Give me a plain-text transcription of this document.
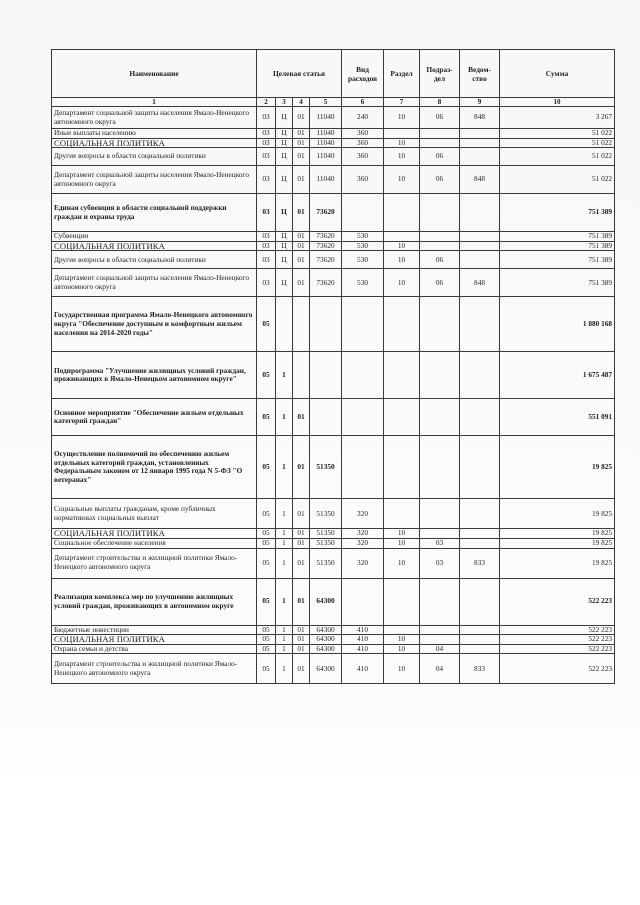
Наименование	Целевая статья				Вид расходов	Раздел	Подраз-дел	Ведом-ство	Сумма
1	2	3	4	5	6	7	8	9	10
Департамент социальной защиты населения Ямало-Ненецкого автономного округа	03	Ц	01	11040	240	10	06	848	3 267
Иные выплаты населению	03	Ц	01	11040	360				51 022
СОЦИАЛЬНАЯ ПОЛИТИКА	03	Ц	01	11040	360	10			51 022
Другие вопросы в области социальной политики	03	Ц	01	11040	360	10	06		51 022
Департамент социальной защиты населения Ямало-Ненецкого автономного округа	03	Ц	01	11040	360	10	06	848	51 022
Единая субвенция в области социальной поддержки граждан и охраны труда	03	Ц	01	73620					751 389
Субвенции	03	Ц	01	73620	530				751 389
СОЦИАЛЬНАЯ ПОЛИТИКА	03	Ц	01	73620	530	10			751 389
Другие вопросы в области социальной политики	03	Ц	01	73620	530	10	06		751 389
Департамент социальной защиты населения Ямало-Ненецкого автономного округа	03	Ц	01	73620	530	10	06	848	751 389
Государственная программа Ямало-Ненецкого автономного округа "Обеспечение доступным и комфортным жильем населения на 2014-2020 годы"	05								1 880 168
Подпрограмма "Улучшение жилищных условий граждан, проживающих в Ямало-Ненецком автономном округе"	05	1							1 675 487
Основное мероприятие "Обеспечение жильем отдельных категорий граждан"	05	1	01						551 091
Осуществление полномочий по обеспечению жильем отдельных категорий граждан, установленных Федеральным законом от 12 января 1995 года N 5-ФЗ "О ветеранах"	05	1	01	51350					19 825
Социальные выплаты гражданам, кроме публичных нормативных социальных выплат	05	1	01	51350	320				19 825
СОЦИАЛЬНАЯ ПОЛИТИКА	05	1	01	51350	320	10			19 825
Социальное обеспечение населения	05	1	01	51350	320	10	03		19 825
Департамент строительства и жилищной политики Ямало-Ненецкого автономного округа	05	1	01	51350	320	10	03	833	19 825
Реализация комплекса мер по улучшению жилищных условий граждан, проживающих в автономном округе	05	1	01	64300					522 223
Бюджетные инвестиции	05	1	01	64300	410				522 223
СОЦИАЛЬНАЯ ПОЛИТИКА	05	1	01	64300	410	10			522 223
Охрана семьи и детства	05	1	01	64300	410	10	04		522 223
Департамент строительства и жилищной политики Ямало-Ненецкого автономного округа	05	1	01	64300	410	10	04	833	522 223
